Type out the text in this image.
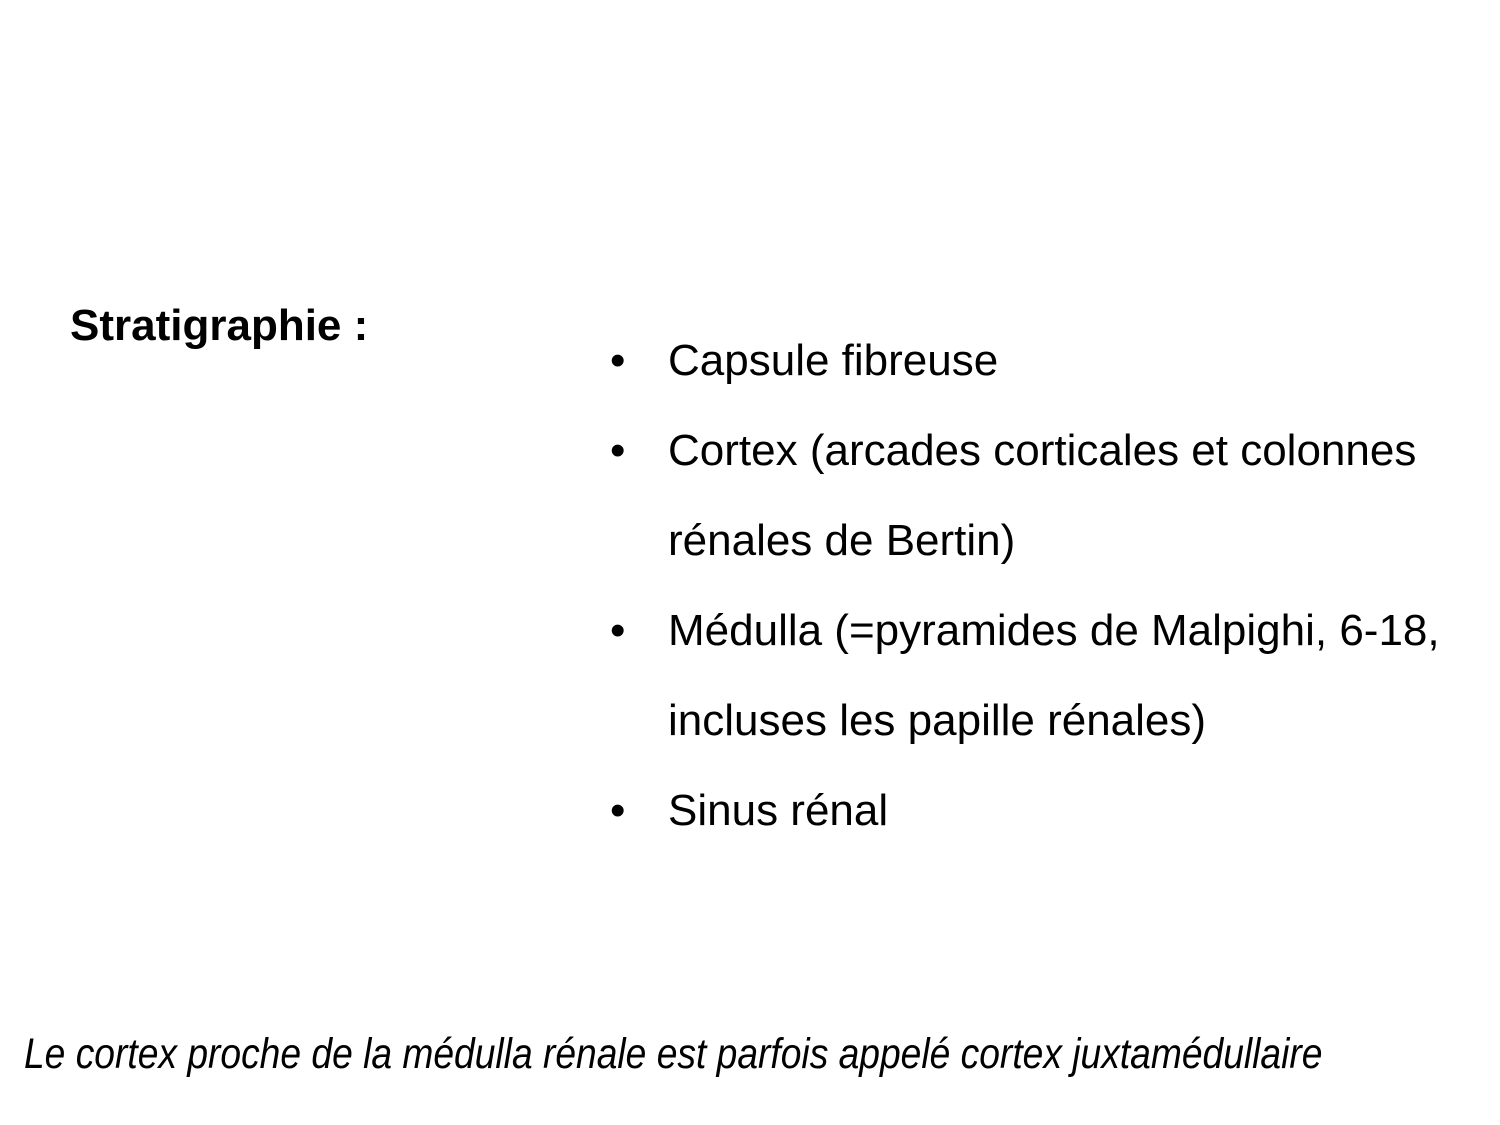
Stratigraphie :
• Capsule fibreuse
• Cortex (arcades corticales et colonnes rénales de Bertin)
• Médulla (=pyramides de Malpighi, 6-18, incluses les papille rénales)
• Sinus rénal

Le cortex proche de la médulla rénale est parfois appelé cortex juxtamédullaire
